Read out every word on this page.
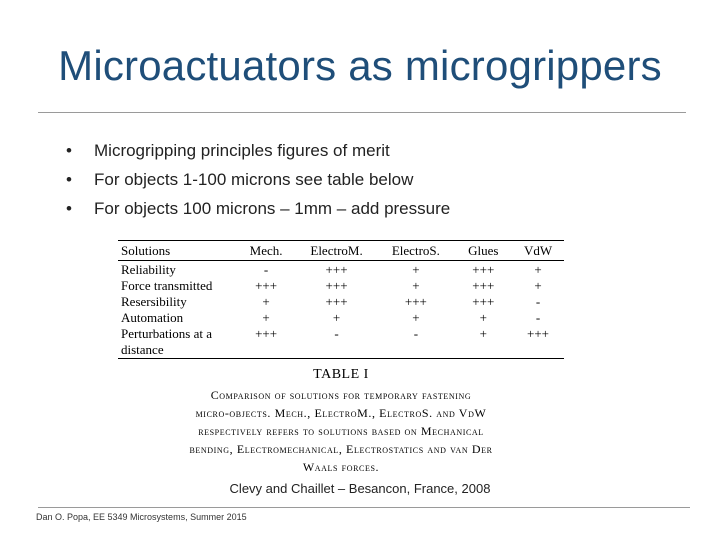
Microactuators as microgrippers
• Microgripping principles figures of merit
• For objects 1-100 microns see table below
• For objects 100 microns – 1mm – add pressure
Solutions	Mech.	ElectroM.	ElectroS.	Glues	VdW
Reliability	-	+++	+	+++	+
Force transmitted	+++	+++	+	+++	+
Resersibility	+	+++	+++	+++	-
Automation	+	+	+	+	-
Perturbations at a	+++	-	-	+	+++
distance					
TABLE I
Comparison of solutions for temporary fastening
micro-objects. Mech., ElectroM., ElectroS. and VdW
respectively refers to solutions based on Mechanical
bending, Electromechanical, Electrostatics and van Der
Waals forces.
Clevy and Chaillet – Besancon, France, 2008
Dan O. Popa, EE 5349 Microsystems, Summer 2015
